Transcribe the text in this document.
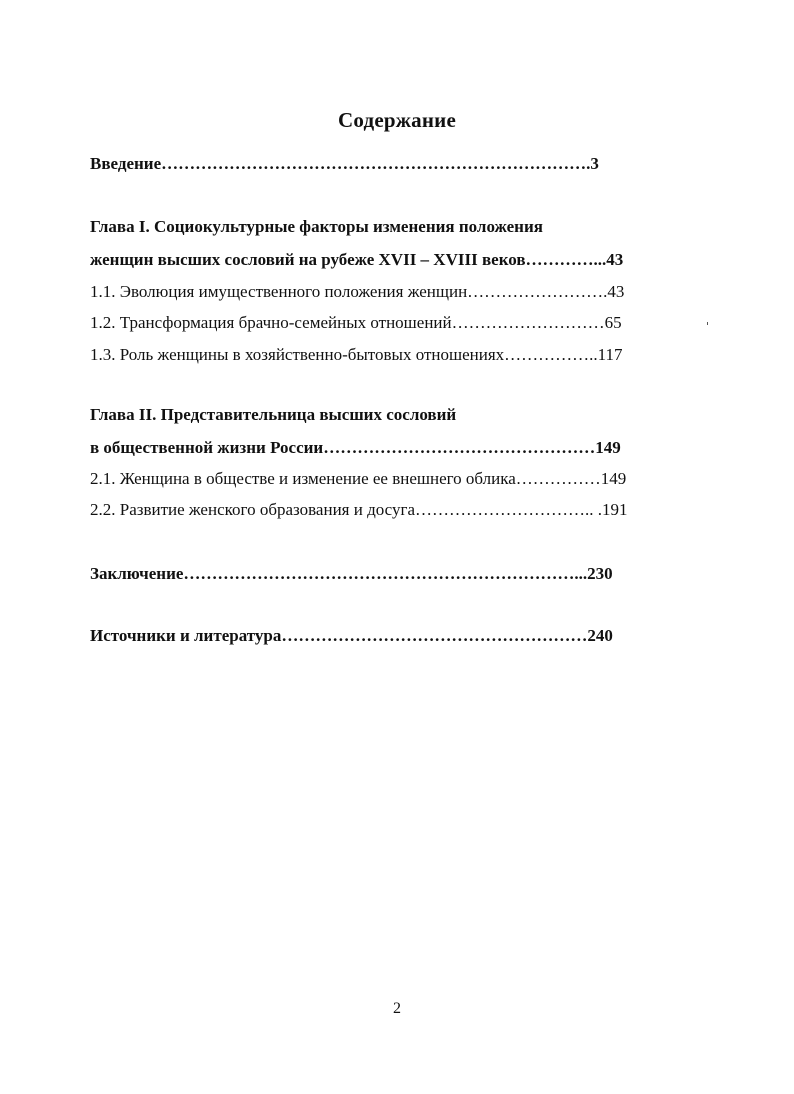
Содержание
Введение………………………………………………………………….3
Глава I. Социокультурные факторы изменения положения
женщин высших сословий на рубеже XVII – XVIII веков…………...43
1.1. Эволюция имущественного положения женщин…………………….43
1.2. Трансформация брачно-семейных отношений………………………65
1.3. Роль женщины в хозяйственно-бытовых отношениях……………..117
Глава II. Представительница высших сословий
в общественной жизни России…………………………………………149
2.1. Женщина в обществе и изменение ее внешнего облика……………149
2.2. Развитие женского образования и досуга………………………….. .191
Заключение……………………………………………………………...230
Источники и литература………………………………………………240
2
